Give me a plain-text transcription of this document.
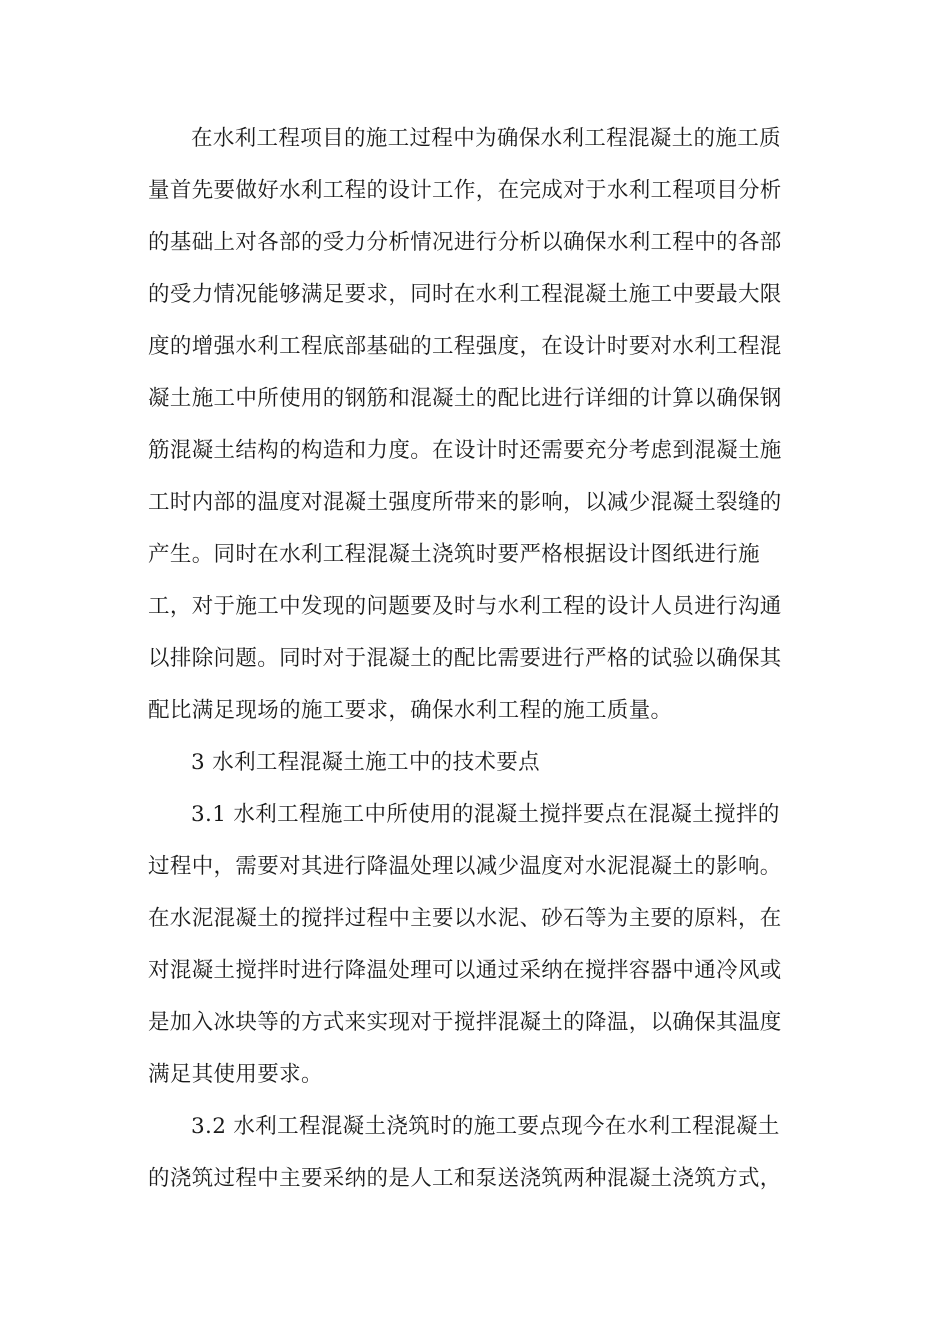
在水利工程项目的施工过程中为确保水利工程混凝土的施工质
量首先要做好水利工程的设计工作，在完成对于水利工程项目分析
的基础上对各部的受力分析情况进行分析以确保水利工程中的各部
的受力情况能够满足要求，同时在水利工程混凝土施工中要最大限
度的增强水利工程底部基础的工程强度，在设计时要对水利工程混
凝土施工中所使用的钢筋和混凝土的配比进行详细的计算以确保钢
筋混凝土结构的构造和力度。在设计时还需要充分考虑到混凝土施
工时内部的温度对混凝土强度所带来的影响，以减少混凝土裂缝的
产生。同时在水利工程混凝土浇筑时要严格根据设计图纸进行施
工，对于施工中发现的问题要及时与水利工程的设计人员进行沟通
以排除问题。同时对于混凝土的配比需要进行严格的试验以确保其
配比满足现场的施工要求，确保水利工程的施工质量。
3 水利工程混凝土施工中的技术要点
3.1 水利工程施工中所使用的混凝土搅拌要点在混凝土搅拌的
过程中，需要对其进行降温处理以减少温度对水泥混凝土的影响。
在水泥混凝土的搅拌过程中主要以水泥、砂石等为主要的原料，在
对混凝土搅拌时进行降温处理可以通过采纳在搅拌容器中通冷风或
是加入冰块等的方式来实现对于搅拌混凝土的降温，以确保其温度
满足其使用要求。
3.2 水利工程混凝土浇筑时的施工要点现今在水利工程混凝土
的浇筑过程中主要采纳的是人工和泵送浇筑两种混凝土浇筑方式，
